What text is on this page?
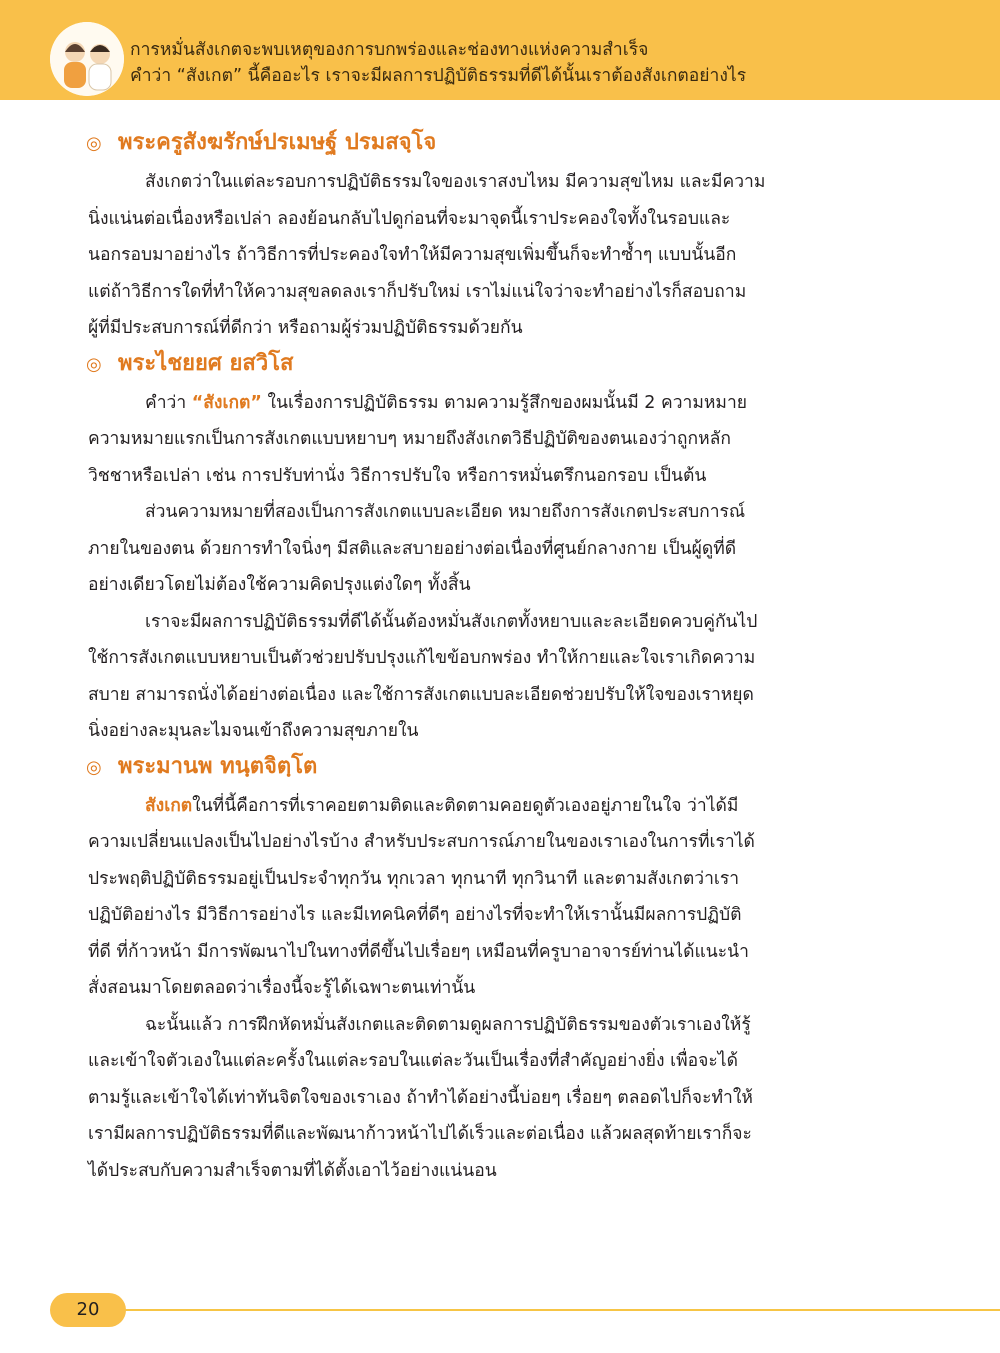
การหมั่นสังเกตจะพบเหตุของการบกพร่องและช่องทางแห่งความสำเร็จ
คำว่า “สังเกต” นี้คืออะไร เราจะมีผลการปฏิบัติธรรมที่ดีได้นั้นเราต้องสังเกตอย่างไร
◎ พระครูสังฆรักษ์ปรเมษฐ์ ปรมสจฺโจ
สังเกตว่าในแต่ละรอบการปฏิบัติธรรมใจของเราสงบไหม มีความสุขไหม และมีความ
นิ่งแน่นต่อเนื่องหรือเปล่า ลองย้อนกลับไปดูก่อนที่จะมาจุดนี้เราประคองใจทั้งในรอบและ
นอกรอบมาอย่างไร ถ้าวิธีการที่ประคองใจทำให้มีความสุขเพิ่มขึ้นก็จะทำซ้ำๆ แบบนั้นอีก
แต่ถ้าวิธีการใดที่ทำให้ความสุขลดลงเราก็ปรับใหม่ เราไม่แน่ใจว่าจะทำอย่างไรก็สอบถาม
ผู้ที่มีประสบการณ์ที่ดีกว่า หรือถามผู้ร่วมปฏิบัติธรรมด้วยกัน
◎ พระไชยยศ ยสวิโส
คำว่า “สังเกต” ในเรื่องการปฏิบัติธรรม ตามความรู้สึกของผมนั้นมี 2 ความหมาย
ความหมายแรกเป็นการสังเกตแบบหยาบๆ หมายถึงสังเกตวิธีปฏิบัติของตนเองว่าถูกหลัก
วิชชาหรือเปล่า เช่น การปรับท่านั่ง วิธีการปรับใจ หรือการหมั่นตรึกนอกรอบ เป็นต้น
ส่วนความหมายที่สองเป็นการสังเกตแบบละเอียด หมายถึงการสังเกตประสบการณ์
ภายในของตน ด้วยการทำใจนิ่งๆ มีสติและสบายอย่างต่อเนื่องที่ศูนย์กลางกาย เป็นผู้ดูที่ดี
อย่างเดียวโดยไม่ต้องใช้ความคิดปรุงแต่งใดๆ ทั้งสิ้น
เราจะมีผลการปฏิบัติธรรมที่ดีได้นั้นต้องหมั่นสังเกตทั้งหยาบและละเอียดควบคู่กันไป
ใช้การสังเกตแบบหยาบเป็นตัวช่วยปรับปรุงแก้ไขข้อบกพร่อง ทำให้กายและใจเราเกิดความ
สบาย สามารถนั่งได้อย่างต่อเนื่อง และใช้การสังเกตแบบละเอียดช่วยปรับให้ใจของเราหยุด
นิ่งอย่างละมุนละไมจนเข้าถึงความสุขภายใน
◎ พระมานพ ทนฺตจิตฺโต
สังเกตในที่นี้คือการที่เราคอยตามติดและติดตามคอยดูตัวเองอยู่ภายในใจ ว่าได้มี
ความเปลี่ยนแปลงเป็นไปอย่างไรบ้าง สำหรับประสบการณ์ภายในของเราเองในการที่เราได้
ประพฤติปฏิบัติธรรมอยู่เป็นประจำทุกวัน ทุกเวลา ทุกนาที ทุกวินาที และตามสังเกตว่าเรา
ปฏิบัติอย่างไร มีวิธีการอย่างไร และมีเทคนิคที่ดีๆ อย่างไรที่จะทำให้เรานั้นมีผลการปฏิบัติ
ที่ดี ที่ก้าวหน้า มีการพัฒนาไปในทางที่ดีขึ้นไปเรื่อยๆ เหมือนที่ครูบาอาจารย์ท่านได้แนะนำ
สั่งสอนมาโดยตลอดว่าเรื่องนี้จะรู้ได้เฉพาะตนเท่านั้น
ฉะนั้นแล้ว การฝึกหัดหมั่นสังเกตและติดตามดูผลการปฏิบัติธรรมของตัวเราเองให้รู้
และเข้าใจตัวเองในแต่ละครั้งในแต่ละรอบในแต่ละวันเป็นเรื่องที่สำคัญอย่างยิ่ง เพื่อจะได้
ตามรู้และเข้าใจได้เท่าทันจิตใจของเราเอง ถ้าทำได้อย่างนี้บ่อยๆ เรื่อยๆ ตลอดไปก็จะทำให้
เรามีผลการปฏิบัติธรรมที่ดีและพัฒนาก้าวหน้าไปได้เร็วและต่อเนื่อง แล้วผลสุดท้ายเราก็จะ
ได้ประสบกับความสำเร็จตามที่ได้ตั้งเอาไว้อย่างแน่นอน
20
